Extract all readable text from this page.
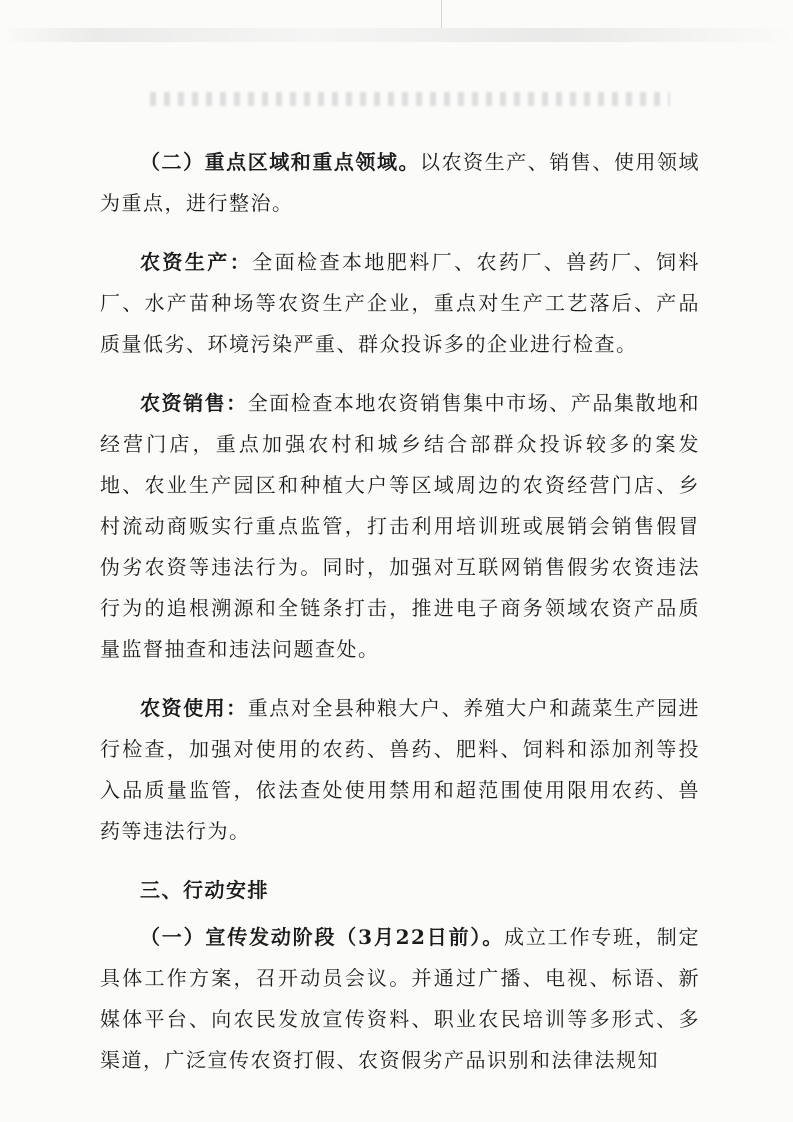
（二）重点区域和重点领域。以农资生产、销售、使用领域为重点，进行整治。

农资生产：全面检查本地肥料厂、农药厂、兽药厂、饲料厂、水产苗种场等农资生产企业，重点对生产工艺落后、产品质量低劣、环境污染严重、群众投诉多的企业进行检查。

农资销售：全面检查本地农资销售集中市场、产品集散地和经营门店，重点加强农村和城乡结合部群众投诉较多的案发地、农业生产园区和种植大户等区域周边的农资经营门店、乡村流动商贩实行重点监管，打击利用培训班或展销会销售假冒伪劣农资等违法行为。同时，加强对互联网销售假劣农资违法行为的追根溯源和全链条打击，推进电子商务领域农资产品质量监督抽查和违法问题查处。

农资使用：重点对全县种粮大户、养殖大户和蔬菜生产园进行检查，加强对使用的农药、兽药、肥料、饲料和添加剂等投入品质量监管，依法查处使用禁用和超范围使用限用农药、兽药等违法行为。

三、行动安排

（一）宣传发动阶段（3月22日前）。成立工作专班，制定具体工作方案，召开动员会议。并通过广播、电视、标语、新媒体平台、向农民发放宣传资料、职业农民培训等多形式、多渠道，广泛宣传农资打假、农资假劣产品识别和法律法规知
